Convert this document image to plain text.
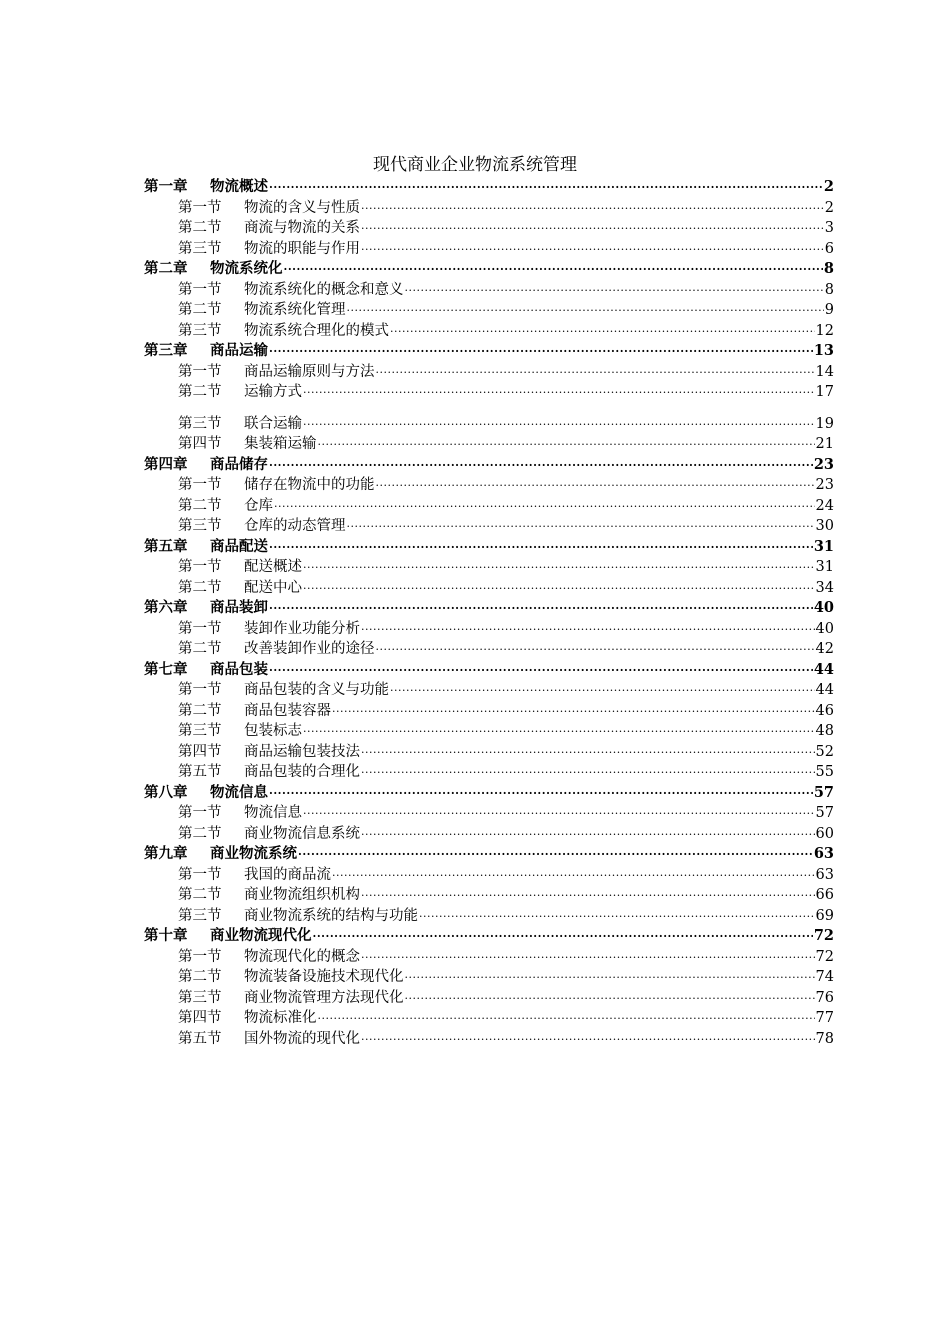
现代商业企业物流系统管理
第一章	物流概述 ·····	2
第一节	物流的含义与性质 ·····	2
第二节	商流与物流的关系 ·····	3
第三节	物流的职能与作用 ·····	6
第二章	物流系统化 ·····	8
第一节	物流系统化的概念和意义 ·····	8
第二节	物流系统化管理 ·····	9
第三节	物流系统合理化的模式 ·····	12
第三章	商品运输 ·····	13
第一节	商品运输原则与方法 ·····	14
第二节	运输方式 ·····	17
第三节	联合运输 ·····	19
第四节	集装箱运输 ·····	21
第四章	商品储存 ·····	23
第一节	储存在物流中的功能 ·····	23
第二节	仓库 ·····	24
第三节	仓库的动态管理 ·····	30
第五章	商品配送 ·····	31
第一节	配送概述 ·····	31
第二节	配送中心 ·····	34
第六章	商品装卸 ·····	40
第一节	装卸作业功能分析 ·····	40
第二节	改善装卸作业的途径 ·····	42
第七章	商品包装 ·····	44
第一节	商品包装的含义与功能 ·····	44
第二节	商品包装容器 ·····	46
第三节	包装标志 ·····	48
第四节	商品运输包装技法 ·····	52
第五节	商品包装的合理化 ·····	55
第八章	物流信息 ·····	57
第一节	物流信息 ·····	57
第二节	商业物流信息系统 ·····	60
第九章	商业物流系统 ·····	63
第一节	我国的商品流 ·····	63
第二节	商业物流组织机构 ·····	66
第三节	商业物流系统的结构与功能 ·····	69
第十章	商业物流现代化 ·····	72
第一节	物流现代化的概念 ·····	72
第二节	物流装备设施技术现代化 ·····	74
第三节	商业物流管理方法现代化 ·····	76
第四节	物流标准化 ·····	77
第五节	国外物流的现代化 ·····	78
